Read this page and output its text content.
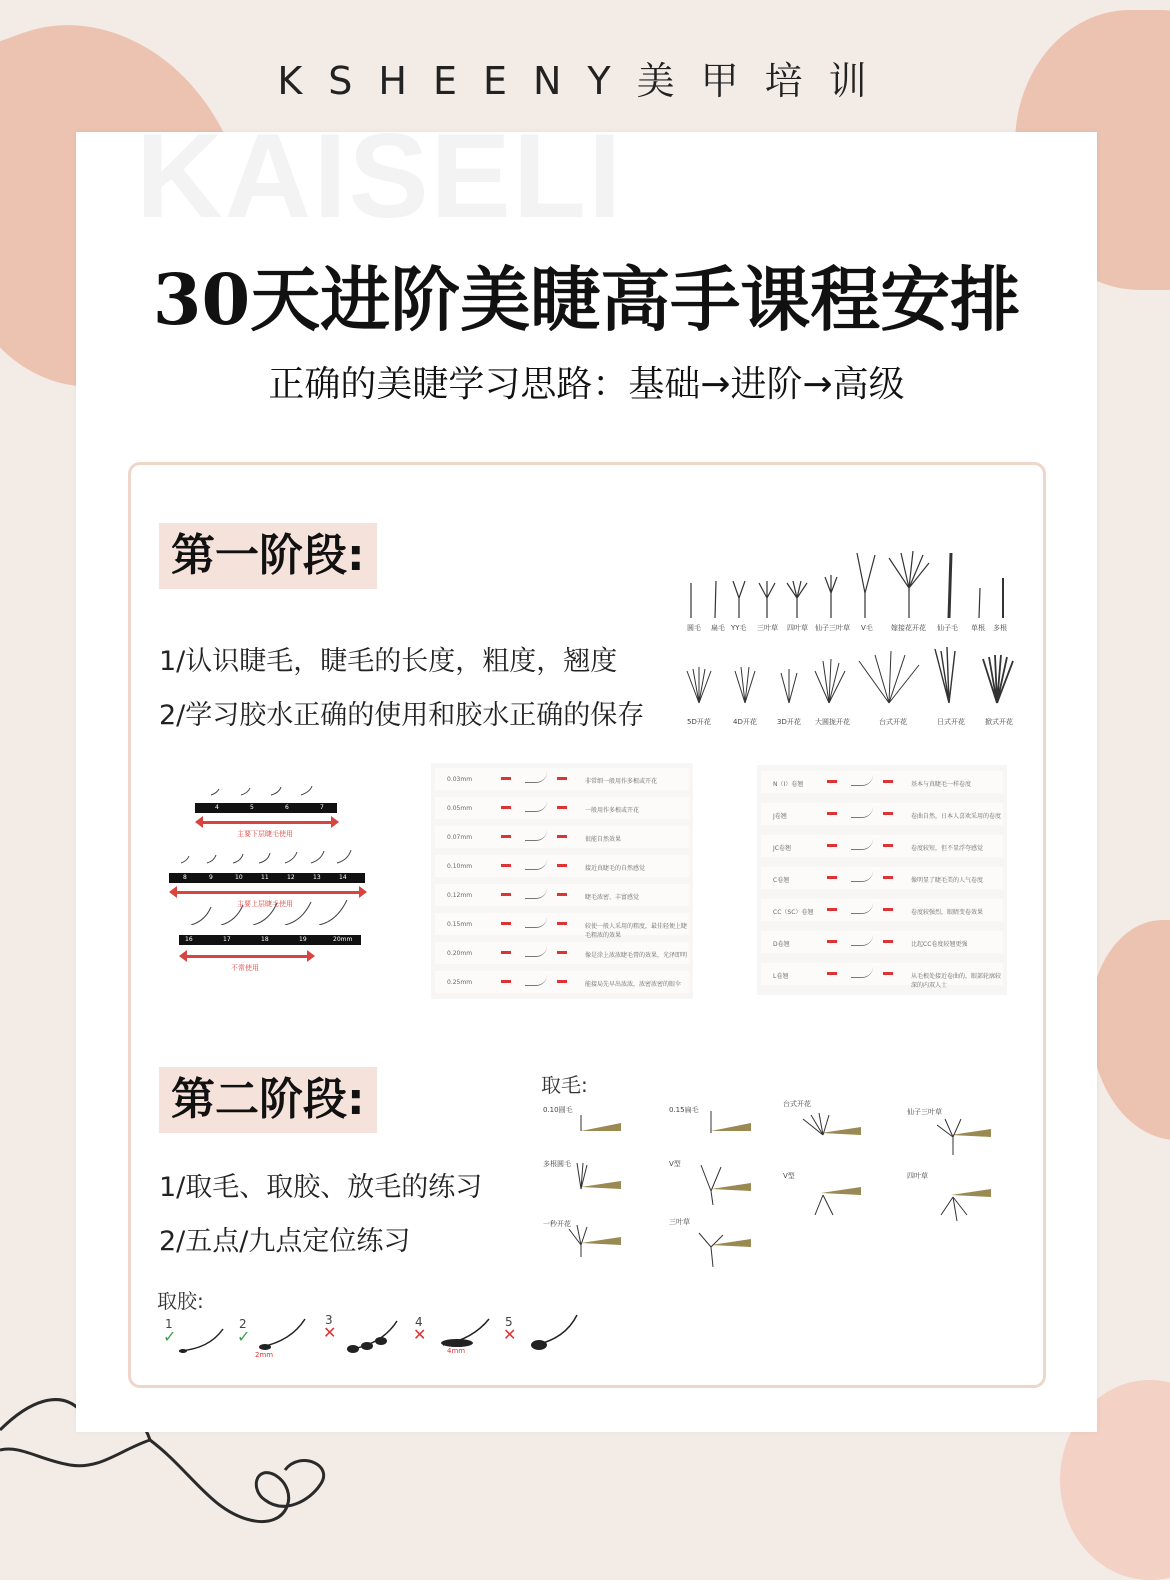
KSHEENY美甲培训
KAISELI
30天进阶美睫高手课程安排
正确的美睫学习思路：基础→进阶→高级
第一阶段:
1/认识睫毛，睫毛的长度，粗度，翘度
2/学习胶水正确的使用和胶水正确的保存
圆毛 扁毛 YY毛 三叶草 四叶草 仙子三叶草 V毛	嫁接花开花 仙子毛 单根 多根
5D开花	4D开花	3D开花 大圆拢开花	台式开花	日式开花	掀式开花
4	5	6	7
主要下层睫毛使用
8	9	10	11	12	13	14
主要上层睫毛使用
16	17	18	19	20mm
不常使用
0.03mm	非常细一般用作多根或开花
0.05mm	一般用作多根或开花
0.07mm	很能自然效果
0.10mm	接近真睫毛的自然感觉
0.12mm	睫毛浓密、丰富感觉
0.15mm	较使一般人采用的粗度，最佳轻便上睫毛粗浓的效果
0.20mm	像是涂上浓浓睫毛膏的效果，光泽即明
0.25mm	能接局先早出浓浓，浓密浓密的眼伞
N（I）卷翘	基本与真睫毛一样卷度
J卷翘	卷曲自然，日本人喜欢采用的卷度
JC卷翘	卷度较短，但不显浮夸感觉
C卷翘	像明显了睫毛美的人气卷度
CC（SC）卷翘	卷度较强烈，眼睛变卷效果
D卷翘	比起CC卷度较翘更强
L卷翘	从毛根处接近卷曲的，眼部轮廓较深的内双人士
第二阶段:
1/取毛、取胶、放毛的练习
2/五点/九点定位练习
取毛:
0.10圆毛	0.15扁毛
台式开花
仙子三叶草
多根圆毛	V型
V型	四叶草
一秒开花	三叶草
取胶:
1
✓
2
✓
3
✕
4
✕
5
✕
2mm	4mm
